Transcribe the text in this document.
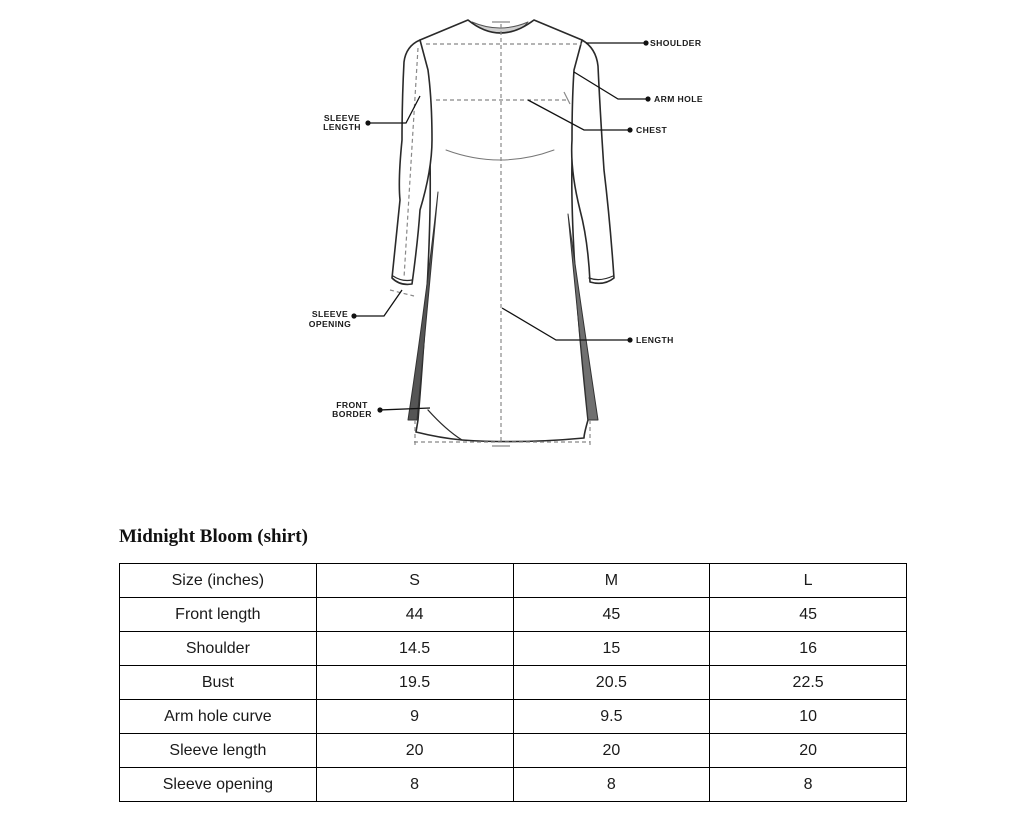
SHOULDER
ARM HOLE
CHEST
LENGTH
SLEEVE
LENGTH
SLEEVE
OPENING
FRONT
BORDER
Midnight Bloom (shirt)
Size (inches)	S	M	L
Front length	44	45	45
Shoulder	14.5	15	16
Bust	19.5	20.5	22.5
Arm hole curve	9	9.5	10
Sleeve length	20	20	20
Sleeve opening	8	8	8
